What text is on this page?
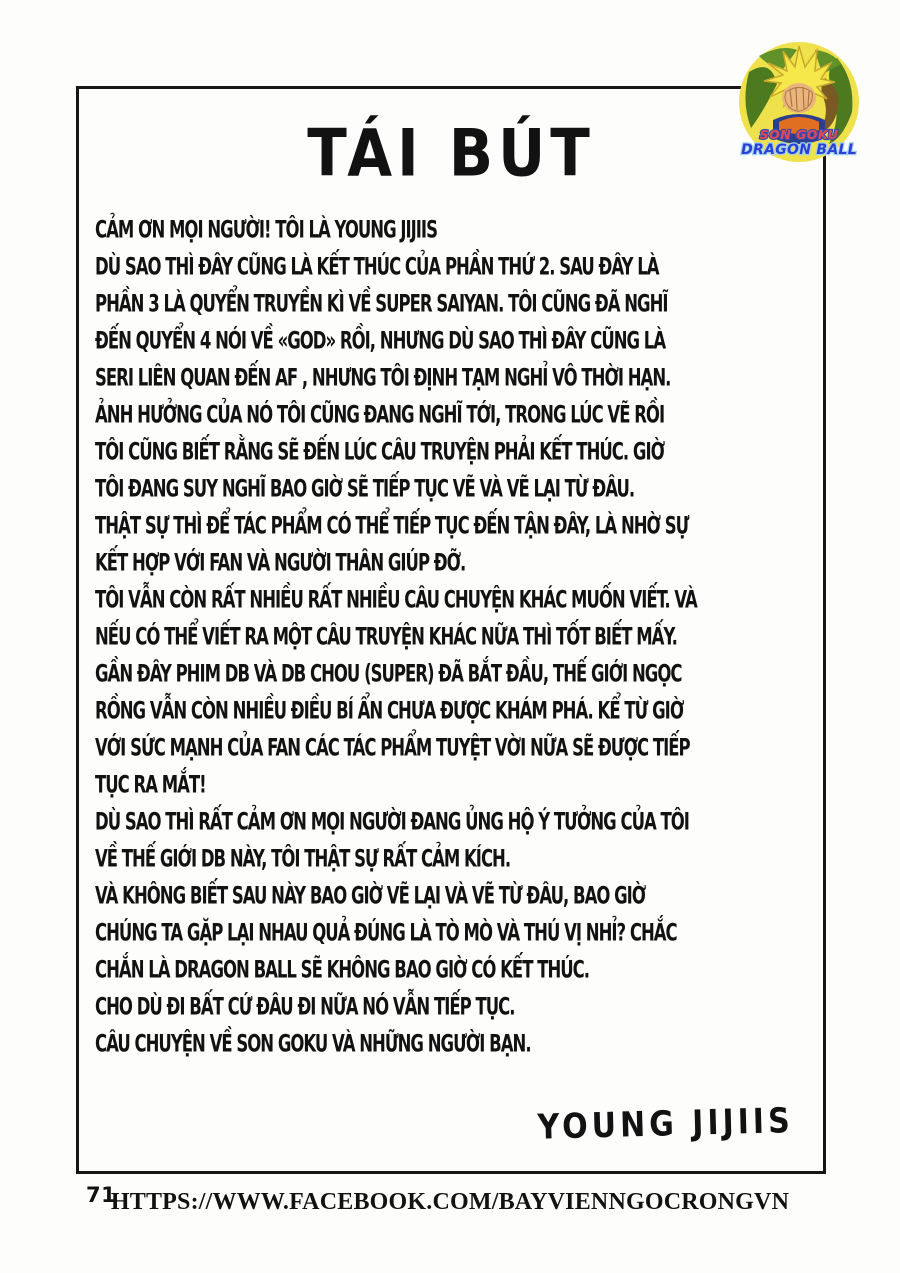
TÁI BÚT
CẢM ƠN MỌI NGƯỜI! TÔI LÀ YOUNG JIJIIS
DÙ SAO THÌ ĐÂY CŨNG LÀ KẾT THÚC CỦA PHẦN THỨ 2. SAU ĐÂY LÀ
PHẦN 3 LÀ QUYỂN TRUYỀN KÌ VỀ SUPER SAIYAN. TÔI CŨNG ĐÃ NGHĨ
ĐẾN QUYỂN 4 NÓI VỀ «GOD» RỒI, NHƯNG DÙ SAO THÌ ĐÂY CŨNG LÀ
SERI LIÊN QUAN ĐẾN AF , NHƯNG TÔI ĐỊNH TẠM NGHỈ VÔ THỜI HẠN.
ẢNH HƯỞNG CỦA NÓ TÔI CŨNG ĐANG NGHĨ TỚI, TRONG LÚC VẼ RỒI
TÔI CŨNG BIẾT RẰNG SẼ ĐẾN LÚC CÂU TRUYỆN PHẢI KẾT THÚC. GIỜ
TÔI ĐANG SUY NGHĨ BAO GIỜ SẼ TIẾP TỤC VẼ VÀ VẼ LẠI TỪ ĐÂU.
THẬT SỰ THÌ ĐỂ TÁC PHẨM CÓ THỂ TIẾP TỤC ĐẾN TẬN ĐÂY, LÀ NHỜ SỰ
KẾT HỢP VỚI FAN VÀ NGƯỜI THÂN GIÚP ĐỠ.
TÔI VẪN CÒN RẤT NHIỀU RẤT NHIỀU CÂU CHUYỆN KHÁC MUỐN VIẾT. VÀ
NẾU CÓ THỂ VIẾT RA MỘT CÂU TRUYỆN KHÁC NỮA THÌ TỐT BIẾT MẤY.
GẦN ĐÂY PHIM DB VÀ DB CHOU (SUPER) ĐÃ BẮT ĐẦU, THẾ GIỚI NGỌC
RỒNG VẪN CÒN NHIỀU ĐIỀU BÍ ẨN CHƯA ĐƯỢC KHÁM PHÁ. KỂ TỪ GIỜ
VỚI SỨC MẠNH CỦA FAN CÁC TÁC PHẨM TUYỆT VỜI NỮA SẼ ĐƯỢC TIẾP
TỤC RA MẮT!
DÙ SAO THÌ RẤT CẢM ƠN MỌI NGƯỜI ĐANG ỦNG HỘ Ý TƯỞNG CỦA TÔI
VỀ THẾ GIỚI DB NÀY, TÔI THẬT SỰ RẤT CẢM KÍCH.
VÀ KHÔNG BIẾT SAU NÀY BAO GIỜ VẼ LẠI VÀ VẼ TỪ ĐÂU, BAO GIỜ
CHÚNG TA GẶP LẠI NHAU QUẢ ĐÚNG LÀ TÒ MÒ VÀ THÚ VỊ NHỈ? CHẮC
CHẮN LÀ DRAGON BALL SẼ KHÔNG BAO GIỜ CÓ KẾT THÚC.
CHO DÙ ĐI BẤT CỨ ĐÂU ĐI NỮA NÓ VẪN TIẾP TỤC.
CÂU CHUYỆN VỀ SON GOKU VÀ NHỮNG NGƯỜI BẠN.
YOUNG JIJIIS
SON GOKU
DRAGON BALL
71
HTTPS://WWW.FACEBOOK.COM/BAYVIENNGOCRONGVN
